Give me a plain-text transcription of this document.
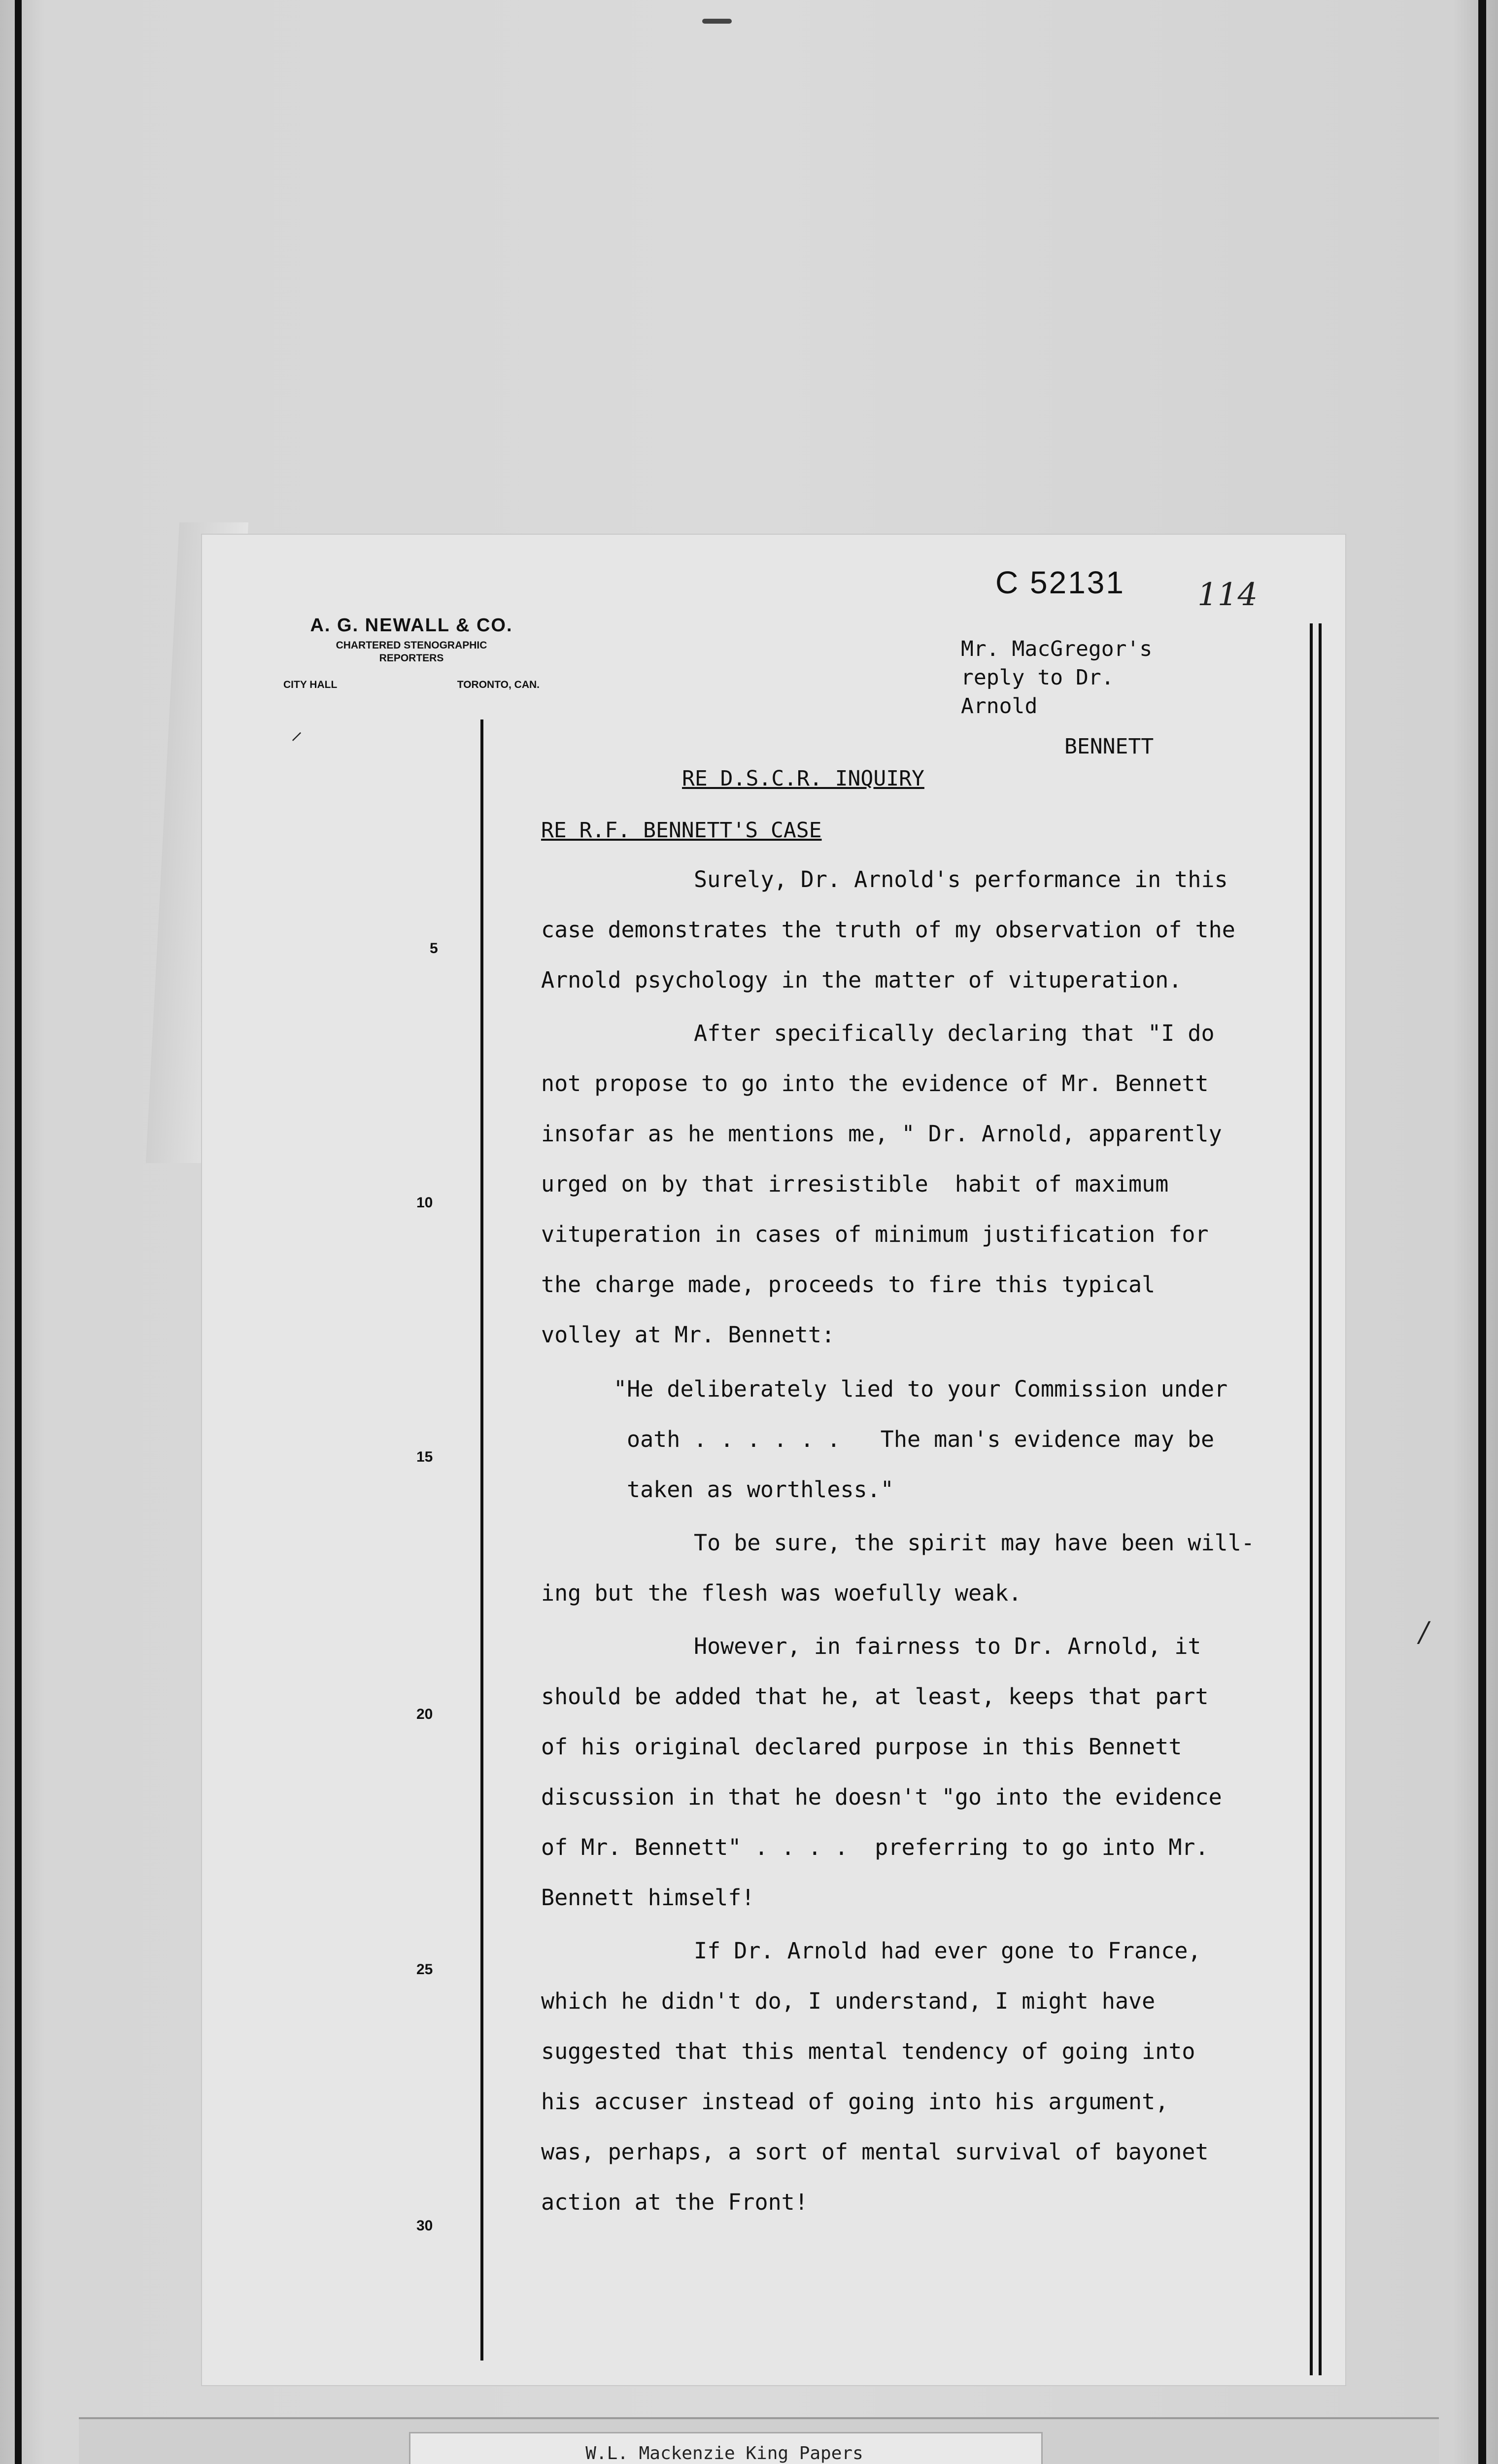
A. G. NEWALL & CO.
CHARTERED STENOGRAPHIC
REPORTERS
CITY HALL	TORONTO, CAN.
⸍
C 52131 114
Mr. MacGregor's
reply to Dr.
Arnold
BENNETT
RE D.S.C.R. INQUIRY
RE R.F. BENNETT'S CASE
Surely, Dr. Arnold's performance in this
case demonstrates the truth of my observation of the
Arnold psychology in the matter of vituperation.
After specifically declaring that "I do
not propose to go into the evidence of Mr. Bennett
insofar as he mentions me, " Dr. Arnold, apparently
urged on by that irresistible  habit of maximum
vituperation in cases of minimum justification for
the charge made, proceeds to fire this typical
volley at Mr. Bennett:
"He deliberately lied to your Commission under
oath . . . . . .   The man's evidence may be
taken as worthless."
To be sure, the spirit may have been will-
ing but the flesh was woefully weak.
However, in fairness to Dr. Arnold, it
should be added that he, at least, keeps that part
of his original declared purpose in this Bennett
discussion in that he doesn't "go into the evidence
of Mr. Bennett" . . . .  preferring to go into Mr.
Bennett himself!
If Dr. Arnold had ever gone to France,
which he didn't do, I understand, I might have
suggested that this mental tendency of going into
his accuser instead of going into his argument,
was, perhaps, a sort of mental survival of bayonet
action at the Front!
5
10
15
20
25
30
/
W.L. Mackenzie King Papers
